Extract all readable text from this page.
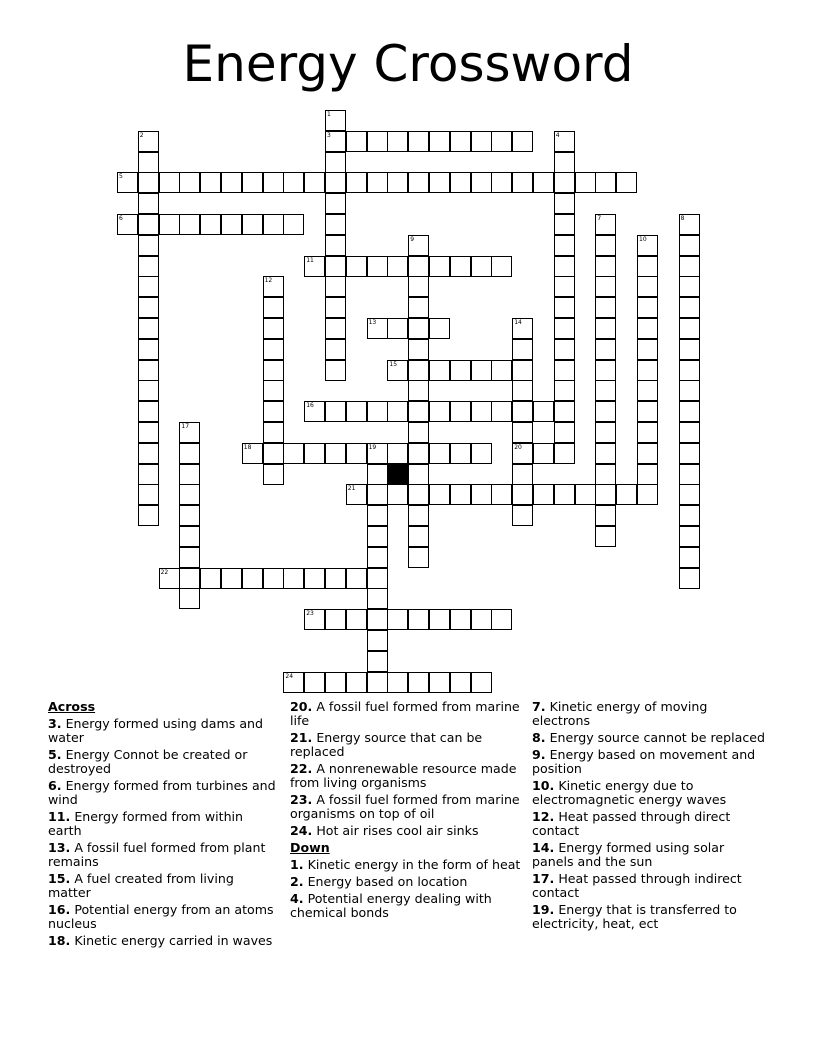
Energy Crossword
1
3
2	4
5
6	7	8
9	10
11
12
13	14
20
15
16
17
18	19
21
22
23
24
Across
3. Energy formed using dams and water
5. Energy Connot be created or destroyed
6. Energy formed from turbines and wind
11. Energy formed from within earth
13. A fossil fuel formed from plant remains
15. A fuel created from living matter
16. Potential energy from an atoms nucleus
18. Kinetic energy carried in waves
20. A fossil fuel formed from marine life
21. Energy source that can be replaced
22. A nonrenewable resource made from living organisms
23. A fossil fuel formed from marine organisms on top of oil
24. Hot air rises cool air sinks
Down
1. Kinetic energy in the form of heat
2. Energy based on location
4. Potential energy dealing with chemical bonds
7. Kinetic energy of moving electrons
8. Energy source cannot be replaced
9. Energy based on movement and position
10. Kinetic energy due to electromagnetic energy waves
12. Heat passed through direct contact
14. Energy formed using solar panels and the sun
17. Heat passed through indirect contact
19. Energy that is transferred to electricity, heat, ect
